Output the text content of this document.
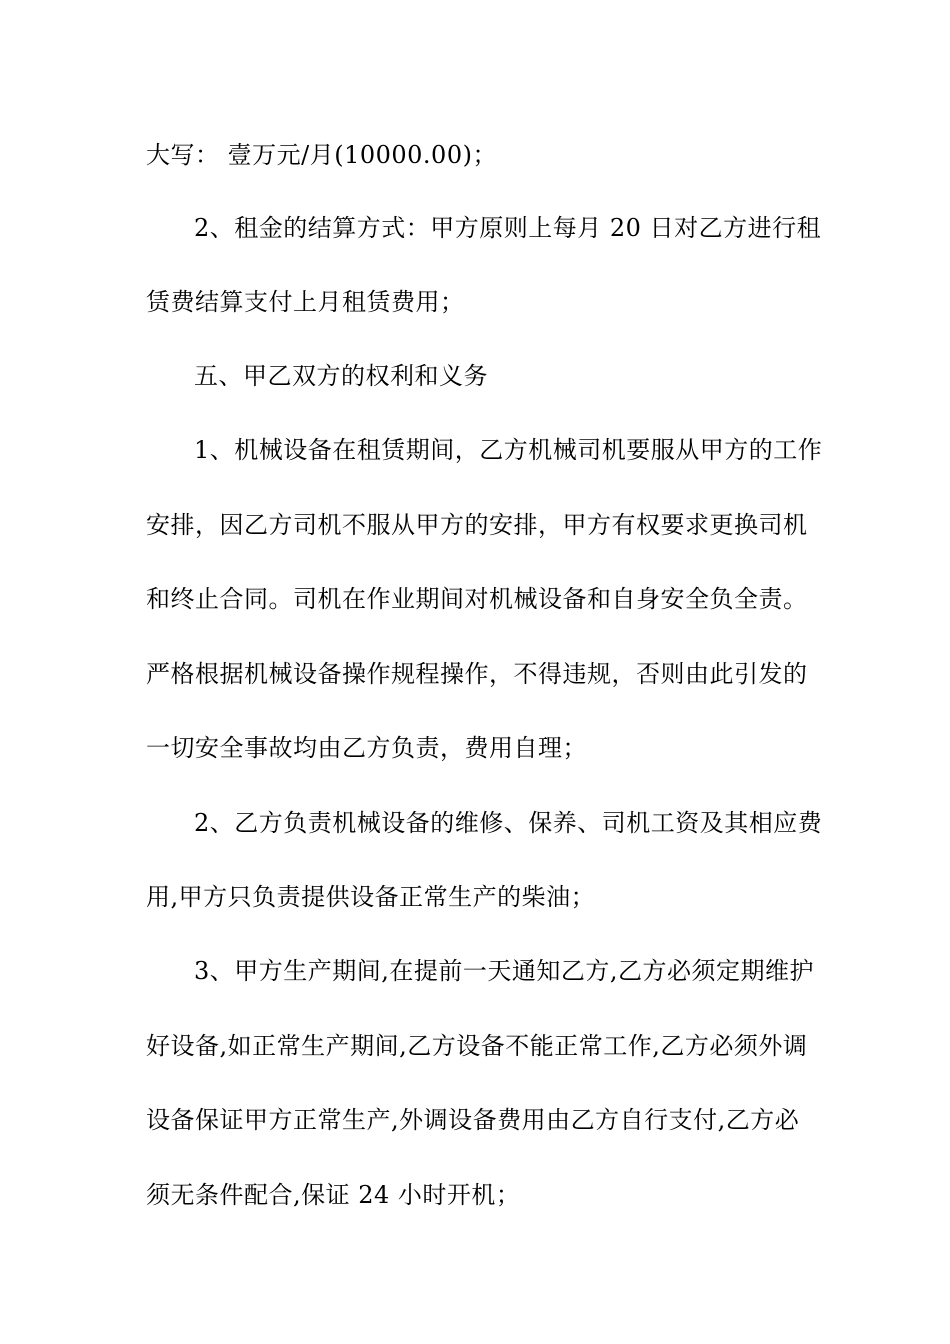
大写： 壹万元/月(10000.00)；
2、租金的结算方式：甲方原则上每月 20 日对乙方进行租
赁费结算支付上月租赁费用；
五、甲乙双方的权利和义务
1、机械设备在租赁期间，乙方机械司机要服从甲方的工作
安排，因乙方司机不服从甲方的安排，甲方有权要求更换司机
和终止合同。司机在作业期间对机械设备和自身安全负全责。
严格根据机械设备操作规程操作，不得违规，否则由此引发的
一切安全事故均由乙方负责，费用自理；
2、乙方负责机械设备的维修、保养、司机工资及其相应费
用,甲方只负责提供设备正常生产的柴油；
3、甲方生产期间,在提前一天通知乙方,乙方必须定期维护
好设备,如正常生产期间,乙方设备不能正常工作,乙方必须外调
设备保证甲方正常生产,外调设备费用由乙方自行支付,乙方必
须无条件配合,保证 24 小时开机；
